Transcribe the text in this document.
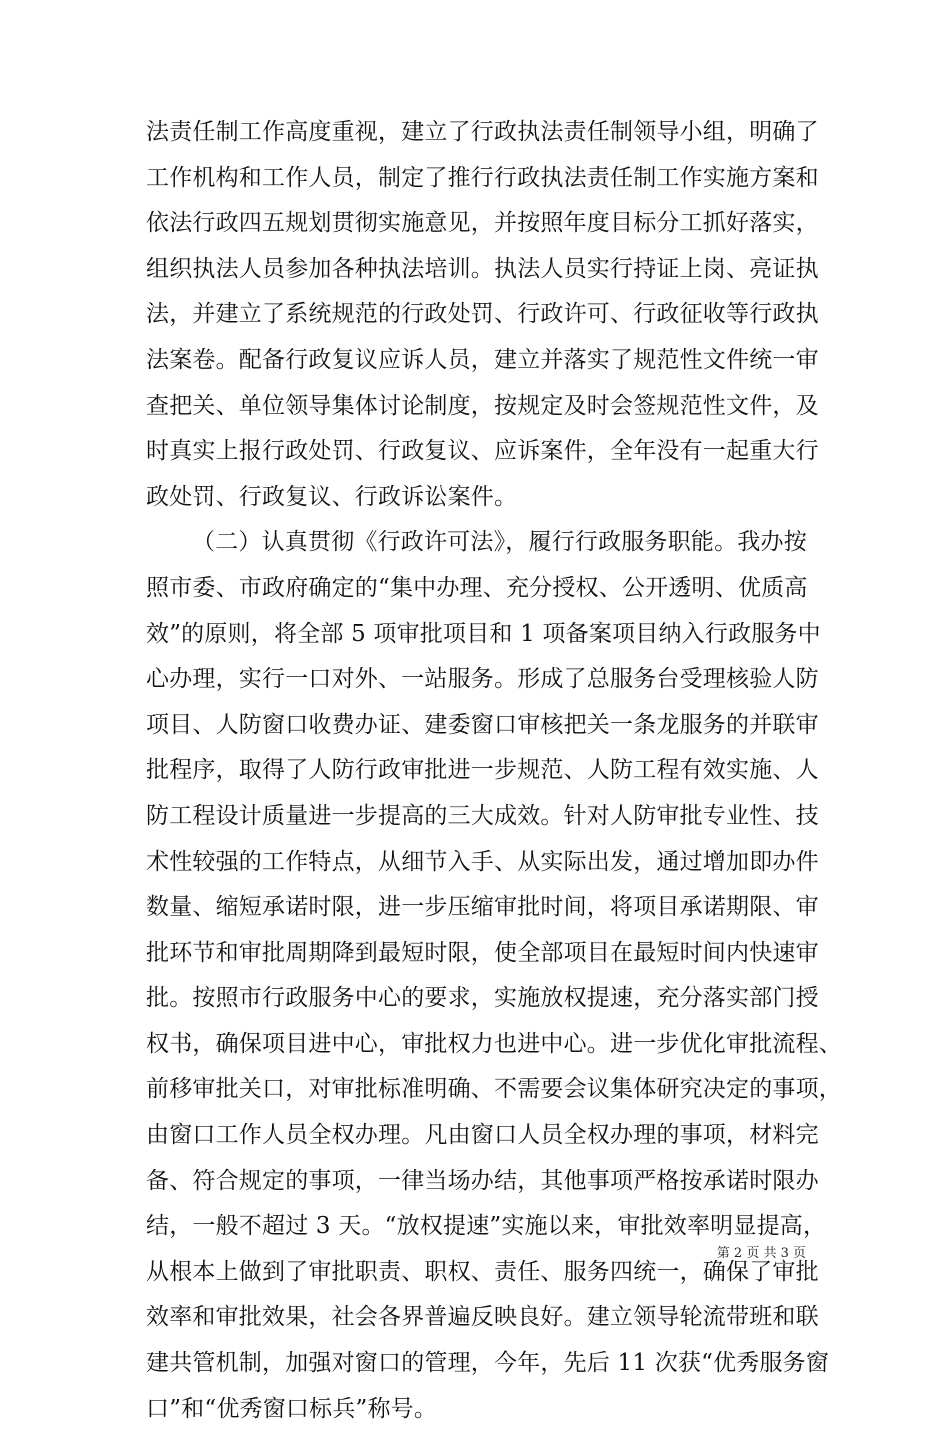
法责任制工作高度重视，建立了行政执法责任制领导小组，明确了
工作机构和工作人员，制定了推行行政执法责任制工作实施方案和
依法行政四五规划贯彻实施意见，并按照年度目标分工抓好落实，
组织执法人员参加各种执法培训。执法人员实行持证上岗、亮证执
法，并建立了系统规范的行政处罚、行政许可、行政征收等行政执
法案卷。配备行政复议应诉人员，建立并落实了规范性文件统一审
查把关、单位领导集体讨论制度，按规定及时会签规范性文件，及
时真实上报行政处罚、行政复议、应诉案件，全年没有一起重大行
政处罚、行政复议、行政诉讼案件。
（二）认真贯彻《行政许可法》，履行行政服务职能。我办按
照市委、市政府确定的“集中办理、充分授权、公开透明、优质高
效”的原则，将全部 5 项审批项目和 1 项备案项目纳入行政服务中
心办理，实行一口对外、一站服务。形成了总服务台受理核验人防
项目、人防窗口收费办证、建委窗口审核把关一条龙服务的并联审
批程序，取得了人防行政审批进一步规范、人防工程有效实施、人
防工程设计质量进一步提高的三大成效。针对人防审批专业性、技
术性较强的工作特点，从细节入手、从实际出发，通过增加即办件
数量、缩短承诺时限，进一步压缩审批时间，将项目承诺期限、审
批环节和审批周期降到最短时限，使全部项目在最短时间内快速审
批。按照市行政服务中心的要求，实施放权提速，充分落实部门授
权书，确保项目进中心，审批权力也进中心。进一步优化审批流程、
前移审批关口，对审批标准明确、不需要会议集体研究决定的事项，
由窗口工作人员全权办理。凡由窗口人员全权办理的事项，材料完
备、符合规定的事项，一律当场办结，其他事项严格按承诺时限办
结，一般不超过 3 天。“放权提速”实施以来，审批效率明显提高，
从根本上做到了审批职责、职权、责任、服务四统一，确保了审批
效率和审批效果，社会各界普遍反映良好。建立领导轮流带班和联
建共管机制，加强对窗口的管理，今年，先后 11 次获“优秀服务窗
口”和“优秀窗口标兵”称号。
第 2 页 共 3 页
